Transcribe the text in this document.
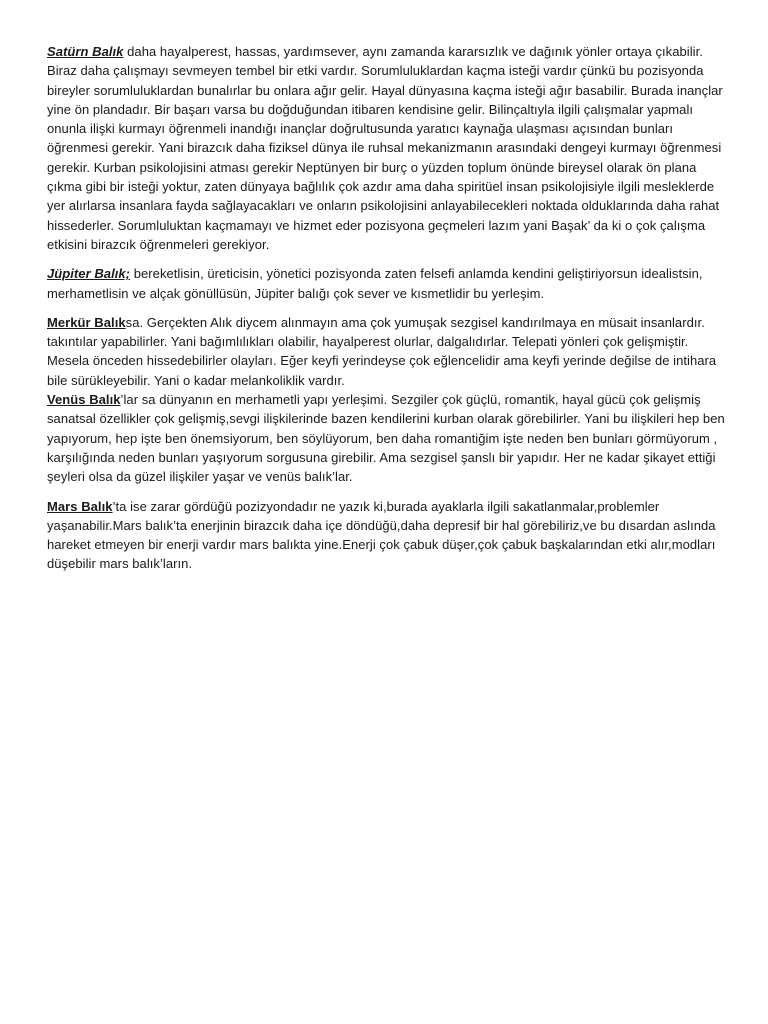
Satürn Balık daha hayalperest, hassas, yardımsever, aynı zamanda kararsızlık ve dağınık yönler ortaya çıkabilir. Biraz daha çalışmayı sevmeyen tembel bir etki vardır. Sorumluluklardan kaçma isteği vardır çünkü bu pozisyonda bireyler sorumluluklardan bunalırlar bu onlara ağır gelir. Hayal dünyasına kaçma isteği ağır basabilir. Burada inançlar yine ön plandadır. Bir başarı varsa bu doğduğundan itibaren kendisine gelir. Bilinçaltıyla ilgili çalışmalar yapmalı onunla ilişki kurmayı öğrenmeli inandığı inançlar doğrultusunda yaratıcı kaynağa ulaşması açısından bunları öğrenmesi gerekir. Yani birazcık daha fiziksel dünya ile ruhsal mekanizmanın arasındaki dengeyi kurmayı öğrenmesi gerekir. Kurban psikolojisini atması gerekir Neptünyen bir burç o yüzden toplum önünde bireysel olarak ön plana çıkma gibi bir isteği yoktur, zaten dünyaya bağlılık çok azdır ama daha spiritüel insan psikolojisiyle ilgili mesleklerde yer alırlarsa insanlara fayda sağlayacakları ve onların psikolojisini anlayabilecekleri noktada olduklarında daha rahat hissederler. Sorumluluktan kaçmamayı ve hizmet eder pozisyona geçmeleri lazım yani Başak’ da ki o çok çalışma etkisini birazcık öğrenmeleri gerekiyor.

Jüpiter Balık; bereketlisin, üreticisin, yönetici pozisyonda zaten felsefi anlamda kendini geliştiriyorsun idealistsin, merhametlisin ve alçak gönüllüsün, Jüpiter balığı çok sever ve kısmetlidir bu yerleşim.

Merkür Balıksa. Gerçekten Alık diycem alınmayın ama çok yumuşak sezgisel kandırılmaya en müsait insanlardır. takıntılar yapabilirler. Yani bağımlılıkları olabilir, hayalperest olurlar, dalgalıdırlar. Telepati yönleri çok gelişmiştir.

Mesela önceden hissedebilirler olayları. Eğer keyfi yerindeyse çok eğlencelidir ama keyfi yerinde değilse de intihara bile sürükleyebilir. Yani o kadar melankoliklik vardır.

Venüs Balık’lar sa dünyanın en merhametli yapı yerleşimi. Sezgiler çok güçlü, romantik, hayal gücü çok gelişmiş sanatsal özellikler çok gelişmiş,sevgi ilişkilerinde bazen kendilerini kurban olarak görebilirler. Yani bu ilişkileri hep ben yapıyorum, hep işte ben önemsiyorum, ben söylüyorum, ben daha romantiğim işte neden ben bunları görmüyorum , karşılığında neden bunları yaşıyorum sorgusuna girebilir. Ama sezgisel şanslı bir yapıdır. Her ne kadar şikayet ettiği şeyleri olsa da güzel ilişkiler yaşar ve venüs balık’lar.

Mars Balık’ta ise zarar gördüğü pozizyondadır ne yazık ki,burada ayaklarla ilgili sakatlanmalar,problemler yaşanabilir.Mars balık’ta enerjinin birazcık daha içe döndüğü,daha depresif bir hal görebiliriz,ve bu dısardan aslında hareket etmeyen bir enerji vardır mars balıkta yine.Enerji çok çabuk düşer,çok çabuk başkalarından etki alır,modları düşebilir mars balık’ların.
